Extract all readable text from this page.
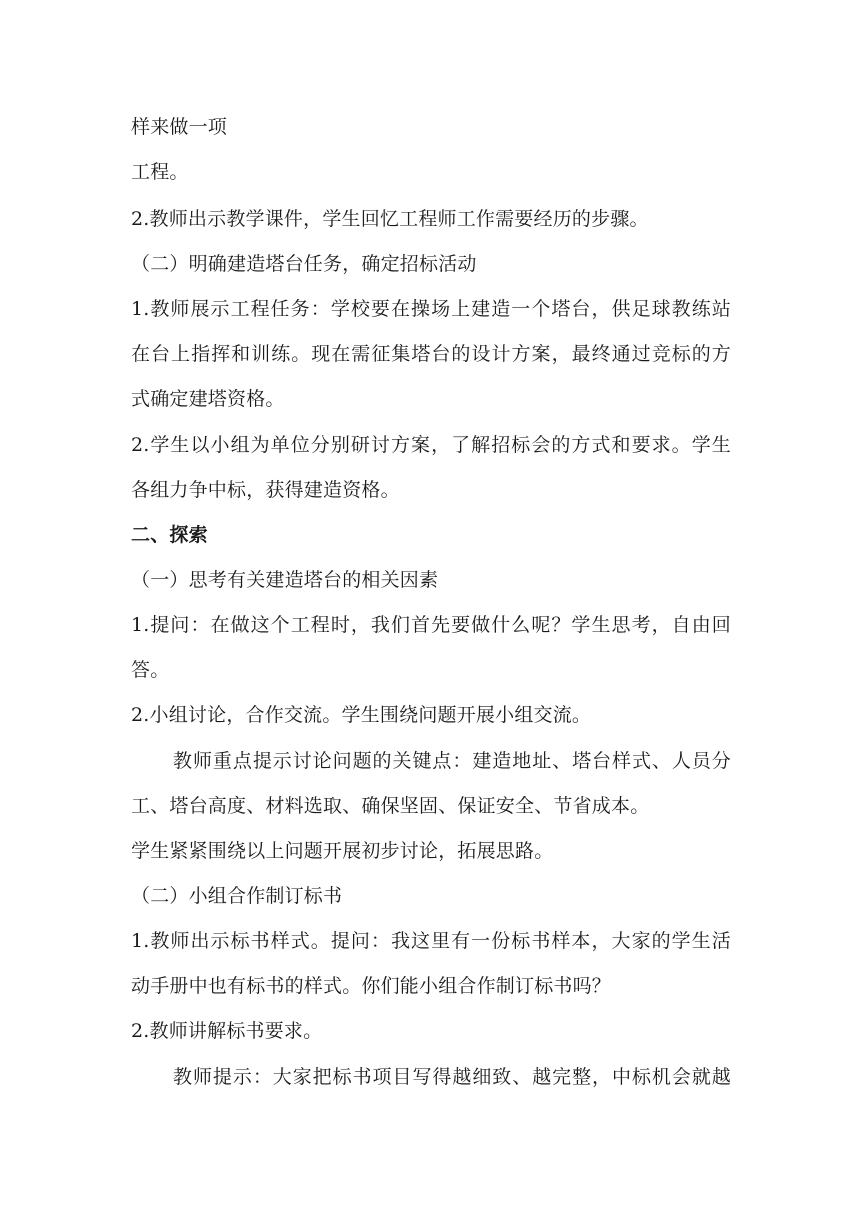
样来做一项
工程。
2.教师出示教学课件，学生回忆工程师工作需要经历的步骤。
（二）明确建造塔台任务，确定招标活动
1.教师展示工程任务：学校要在操场上建造一个塔台，供足球教练站
在台上指挥和训练。现在需征集塔台的设计方案，最终通过竞标的方
式确定建塔资格。
2.学生以小组为单位分别研讨方案，了解招标会的方式和要求。学生
各组力争中标，获得建造资格。
二、探索
（一）思考有关建造塔台的相关因素
1.提问：在做这个工程时，我们首先要做什么呢？学生思考，自由回
答。
2.小组讨论，合作交流。学生围绕问题开展小组交流。
教师重点提示讨论问题的关键点：建造地址、塔台样式、人员分
工、塔台高度、材料选取、确保坚固、保证安全、节省成本。
学生紧紧围绕以上问题开展初步讨论，拓展思路。
（二）小组合作制订标书
1.教师出示标书样式。提问：我这里有一份标书样本，大家的学生活
动手册中也有标书的样式。你们能小组合作制订标书吗？
2.教师讲解标书要求。
教师提示：大家把标书项目写得越细致、越完整，中标机会就越
